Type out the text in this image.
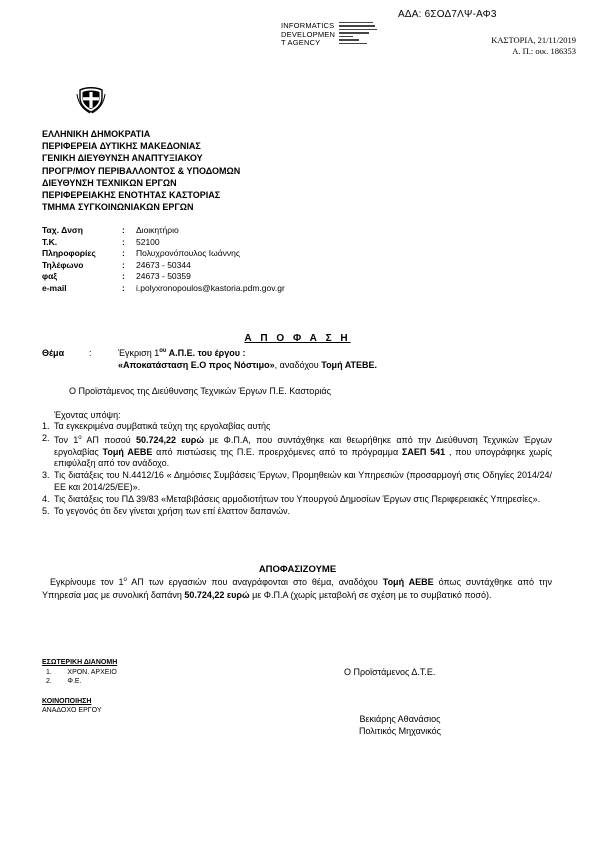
ΑΔΑ: 6ΣΟΔ7ΛΨ-ΑΦ3
INFORMATICS
DEVELOPMEN
T AGENCY	ΚΑΣΤΟΡΙΑ, 21/11/2019
Α. Π.: οικ. 186353
ΕΛΛΗΝΙΚΗ ΔΗΜΟΚΡΑΤΙΑ
ΠΕΡΙΦΕΡΕΙΑ ΔΥΤΙΚΗΣ ΜΑΚΕΔΟΝΙΑΣ
ΓΕΝΙΚΗ ΔΙΕΥΘΥΝΣΗ ΑΝΑΠΤΥΞΙΑΚΟΥ
ΠΡΟΓΡ/ΜΟΥ ΠΕΡΙΒΑΛΛΟΝΤΟΣ & ΥΠΟΔΟΜΩΝ
ΔΙΕΥΘΥΝΣΗ ΤΕΧΝΙΚΩΝ ΕΡΓΩΝ
ΠΕΡΙΦΕΡΕΙΑΚΗΣ ΕΝΟΤΗΤΑΣ ΚΑΣΤΟΡΙΑΣ
ΤΜΗΜΑ ΣΥΓΚΟΙΝΩΝΙΑΚΩΝ ΕΡΓΩΝ
Ταχ. Δνση	:	Διοικητήριο
Τ.Κ.	:	52100
Πληροφορίες	:	Πολυχρονόπουλος Ιωάννης
Τηλέφωνο	:	24673 - 50344
φαξ	:	24673 - 50359
e-mail	:	i.polyxronopoulos@kastoria.pdm.gov.gr
Α Π Ο Φ Α Σ Η
Θέμα	:	Έγκριση $1^{o\upsilon}$ Α.Π.Ε. του έργου :
«Αποκατάσταση Ε.Ο προς Νόστιμο», αναδόχου Τομή ΑΤΕΒΕ.
Ο Προϊστάμενος της Διεύθυνσης Τεχνικών Έργων Π.Ε. Καστοριάς
Έχοντας υπόψη:
1. Τα εγκεκριμένα συμβατικά τεύχη της εργολαβίας αυτής
2. Τον $1^o$ ΑΠ ποσού 50.724,22 ευρώ με Φ.Π.Α, που συντάχθηκε και θεωρήθηκε από την Διεύθυνση Τεχνικών Έργων εργολαβίας Τομή ΑΕΒΕ από πιστώσεις της Π.Ε. προερχόμενες από το πρόγραμμα ΣΑΕΠ 541 , που υπογράφηκε χωρίς επιφύλαξη από τον ανάδοχο.
3. Τις διατάξεις του Ν.4412/16 « Δημόσιες Συμβάσεις Έργων, Προμηθειών και Υπηρεσιών (προσαρμογή στις Οδηγίες 2014/24/ΕΕ και 2014/25/ΕΕ)».
4. Τις διατάξεις του ΠΔ 39/83 «Μεταβιβάσεις αρμοδιοτήτων του Υπουργού Δημοσίων Έργων στις Περιφερειακές Υπηρεσίες».
5. Το γεγονός ότι δεν γίνεται χρήση των επί έλαττον δαπανών.
ΑΠΟΦΑΣΙΖΟΥΜΕ
Εγκρίνουμε τον $1^o$ ΑΠ των εργασιών που αναγράφονται στο θέμα, αναδόχου Τομή ΑΕΒΕ όπως συντάχθηκε από την Υπηρεσία μας με συνολική δαπάνη 50.724,22 ευρώ με Φ.Π.Α (χωρίς μεταβολή σε σχέση με το συμβατικό ποσό).
ΕΣΩΤΕΡΙΚΗ ΔΙΑΝΟΜΗ
1.        ΧΡΟΝ. ΑΡΧΕΙΟ
2.        Φ.Ε.
ΚΟΙΝΟΠΟΙΗΣΗ
ΑΝΑΔΟΧΟ ΕΡΓΟΥ
Ο Προϊστάμενος Δ.Τ.Ε.
Βεκιάρης Αθανάσιος
Πολιτικός Μηχανικός
